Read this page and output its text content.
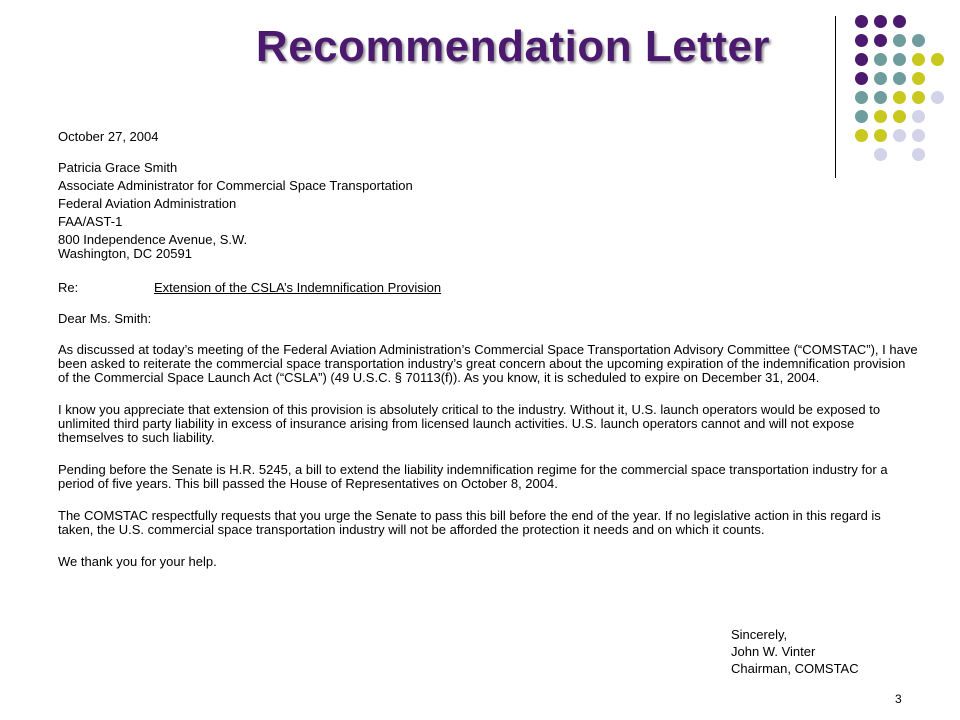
Recommendation Letter

October 27, 2004

Patricia Grace Smith

Associate Administrator for Commercial Space Transportation

Federal Aviation Administration

FAA/AST-1

800 Independence Avenue, S.W.

Washington, DC 20591

Re:	Extension of the CSLA’s Indemnification Provision

Dear Ms. Smith:

As discussed at today’s meeting of the Federal Aviation Administration’s Commercial Space Transportation Advisory Committee (“COMSTAC”), I have been asked to reiterate the commercial space transportation industry’s great concern about the upcoming expiration of the indemnification provision of the Commercial Space Launch Act (“CSLA”) (49 U.S.C. § 70113(f)). As you know, it is scheduled to expire on December 31, 2004.

I know you appreciate that extension of this provision is absolutely critical to the industry. Without it, U.S. launch operators would be exposed to unlimited third party liability in excess of insurance arising from licensed launch activities. U.S. launch operators cannot and will not expose themselves to such liability.

Pending before the Senate is H.R. 5245, a bill to extend the liability indemnification regime for the commercial space transportation industry for a period of five years. This bill passed the House of Representatives on October 8, 2004.

The COMSTAC respectfully requests that you urge the Senate to pass this bill before the end of the year. If no legislative action in this regard is taken, the U.S. commercial space transportation industry will not be afforded the protection it needs and on which it counts.

We thank you for your help.

Sincerely,
John W. Vinter
Chairman, COMSTAC
3
